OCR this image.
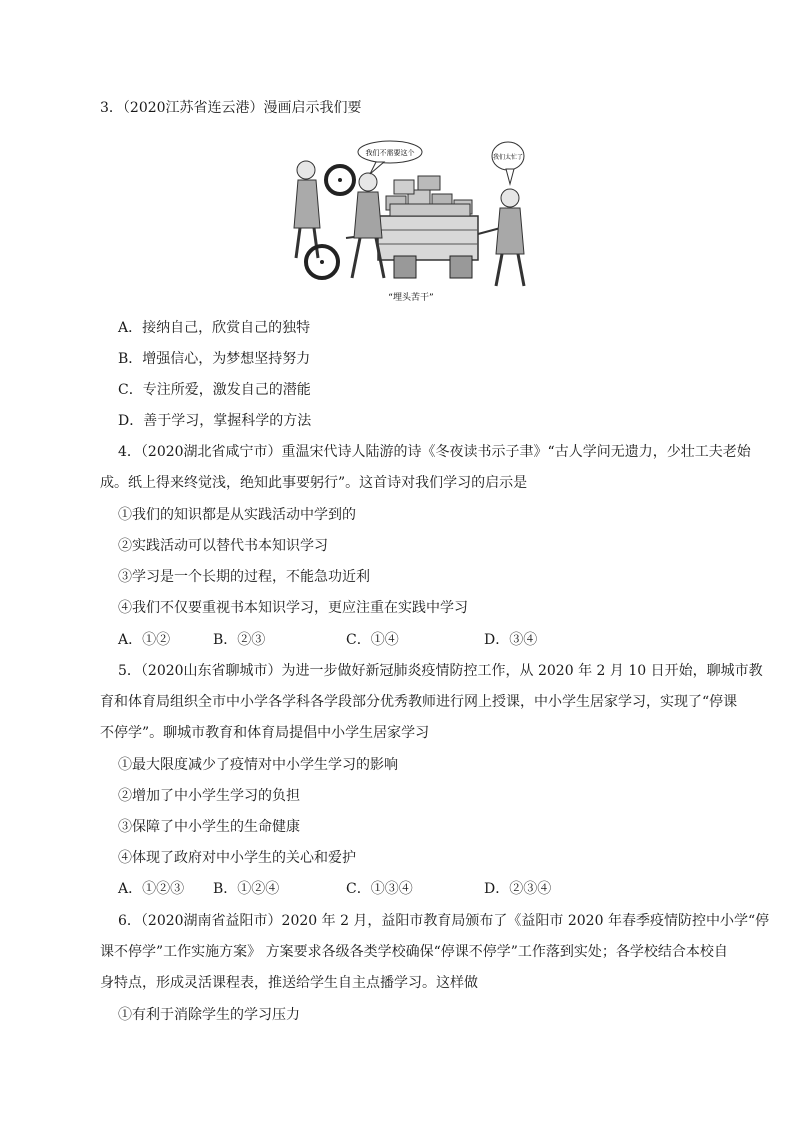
3．（2020江苏省连云港）漫画启示我们要
我们不需要这个
我们太忙了
“埋头苦干”
A．接纳自己，欣赏自己的独特
B．增强信心，为梦想坚持努力
C．专注所爱，激发自己的潜能
D．善于学习，掌握科学的方法
4．（2020湖北省咸宁市）重温宋代诗人陆游的诗《冬夜读书示子聿》“古人学问无遗力，少壮工夫老始
成。纸上得来终觉浅，绝知此事要躬行”。这首诗对我们学习的启示是
①我们的知识都是从实践活动中学到的
②实践活动可以替代书本知识学习
③学习是一个长期的过程，不能急功近利
④我们不仅要重视书本知识学习，更应注重在实践中学习
A．①②	B．②③	C．①④	D．③④
5．（2020山东省聊城市）为进一步做好新冠肺炎疫情防控工作，从 2020 年 2 月 10 日开始，聊城市教
育和体育局组织全市中小学各学科各学段部分优秀教师进行网上授课，中小学生居家学习，实现了“停课
不停学”。聊城市教育和体育局提倡中小学生居家学习
①最大限度减少了疫情对中小学生学习的影响
②增加了中小学生学习的负担
③保障了中小学生的生命健康
④体现了政府对中小学生的关心和爱护
A．①②③ B．①②④	C．①③④	D．②③④
6．（2020湖南省益阳市）2020 年 2 月，益阳市教育局颁布了《益阳市 2020 年春季疫情防控中小学“停
课不停学”工作实施方案》 方案要求各级各类学校确保“停课不停学”工作落到实处；各学校结合本校自
身特点，形成灵活课程表，推送给学生自主点播学习。这样做
①有利于消除学生的学习压力
